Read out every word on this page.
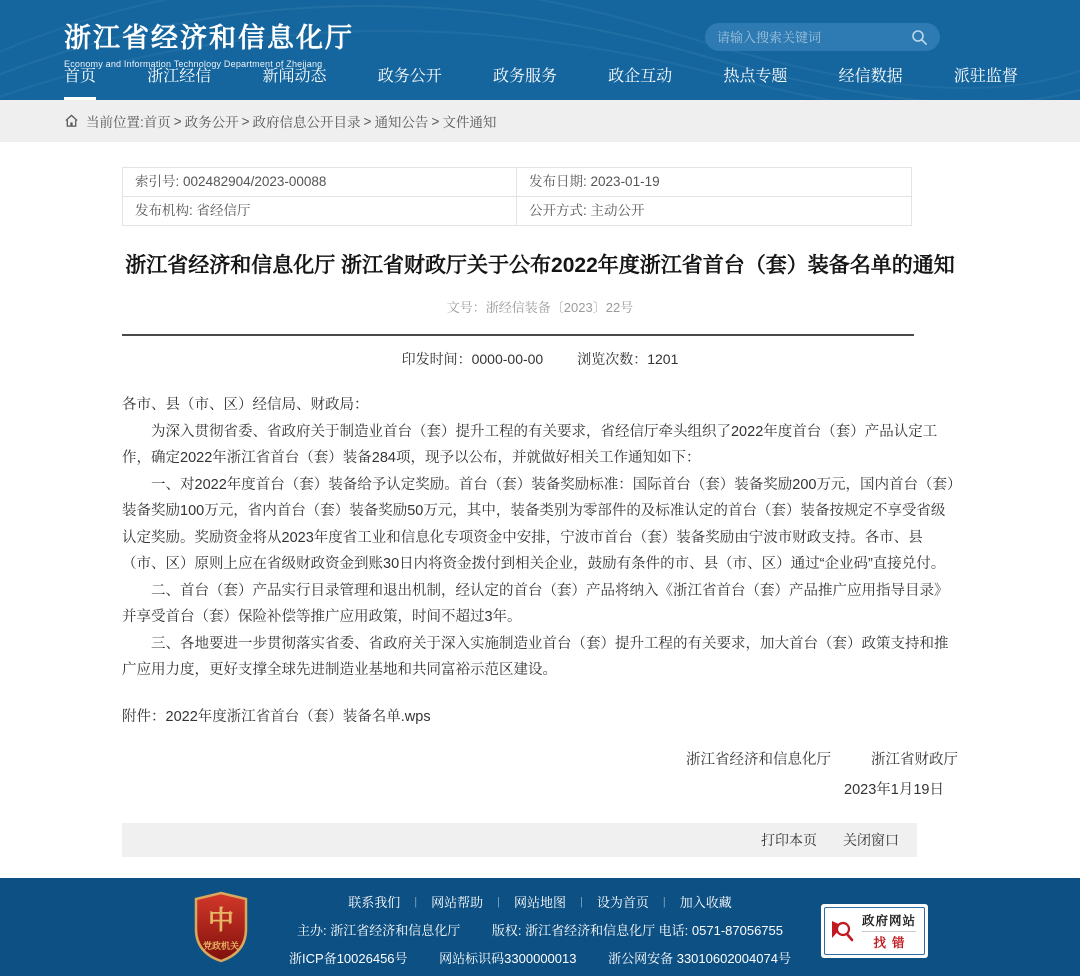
浙江省经济和信息化厅
Economy and Information Technology Department of Zhejiang
请输入搜索关键词
首页	浙江经信	新闻动态	政务公开	政务服务	政企互动	热点专题	经信数据	派驻监督
当前位置: 首页 > 政务公开 > 政府信息公开目录 > 通知公告 > 文件通知
索引号: 002482904/2023-00088	发布日期: 2023-01-19
发布机构: 省经信厅	公开方式: 主动公开
浙江省经济和信息化厅 浙江省财政厅关于公布2022年度浙江省首台（套）装备名单的通知
文号：浙经信装备〔2023〕22号
印发时间：0000-00-00 浏览次数：1201

各市、县（市、区）经信局、财政局：

为深入贯彻省委、省政府关于制造业首台（套）提升工程的有关要求，省经信厅牵头组织了2022年度首台（套）产品认定工作，确定2022年浙江省首台（套）装备284项，现予以公布，并就做好相关工作通知如下：

一、对2022年度首台（套）装备给予认定奖励。首台（套）装备奖励标准：国际首台（套）装备奖励200万元，国内首台（套）装备奖励100万元，省内首台（套）装备奖励50万元，其中，装备类别为零部件的及标准认定的首台（套）装备按规定不享受省级认定奖励。奖励资金将从2023年度省工业和信息化专项资金中安排，宁波市首台（套）装备奖励由宁波市财政支持。各市、县（市、区）原则上应在省级财政资金到账30日内将资金拨付到相关企业，鼓励有条件的市、县（市、区）通过“企业码”直接兑付。

二、首台（套）产品实行目录管理和退出机制，经认定的首台（套）产品将纳入《浙江省首台（套）产品推广应用指导目录》并享受首台（套）保险补偿等推广应用政策，时间不超过3年。

三、各地要进一步贯彻落实省委、省政府关于深入实施制造业首台（套）提升工程的有关要求，加大首台（套）政策支持和推广应用力度，更好支撑全球先进制造业基地和共同富裕示范区建设。

附件：2022年度浙江省首台（套）装备名单.wps
浙江省经济和信息化厅	浙江省财政厅
2023年1月19日
打印本页 关闭窗口
中
党政机关
联系我们 | 网站帮助 | 网站地图 | 设为首页 | 加入收藏
主办: 浙江省经济和信息化厅 版权: 浙江省经济和信息化厅 电话: 0571-87056755
浙ICP备10026456号 网站标识码3300000013 浙公网安备 33010602004074号
政府网站
找错
